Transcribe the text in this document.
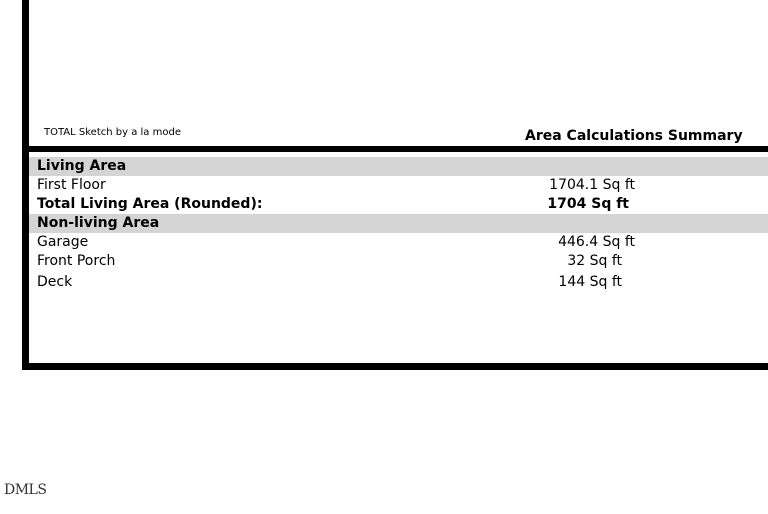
TOTAL Sketch by a la mode	Area Calculations Summary
Living Area
First Floor	1704.1 Sq ft
Total Living Area (Rounded):	1704 Sq ft
Non-living Area
Garage	446.4 Sq ft
Front Porch	32 Sq ft
Deck	144 Sq ft
DMLS
